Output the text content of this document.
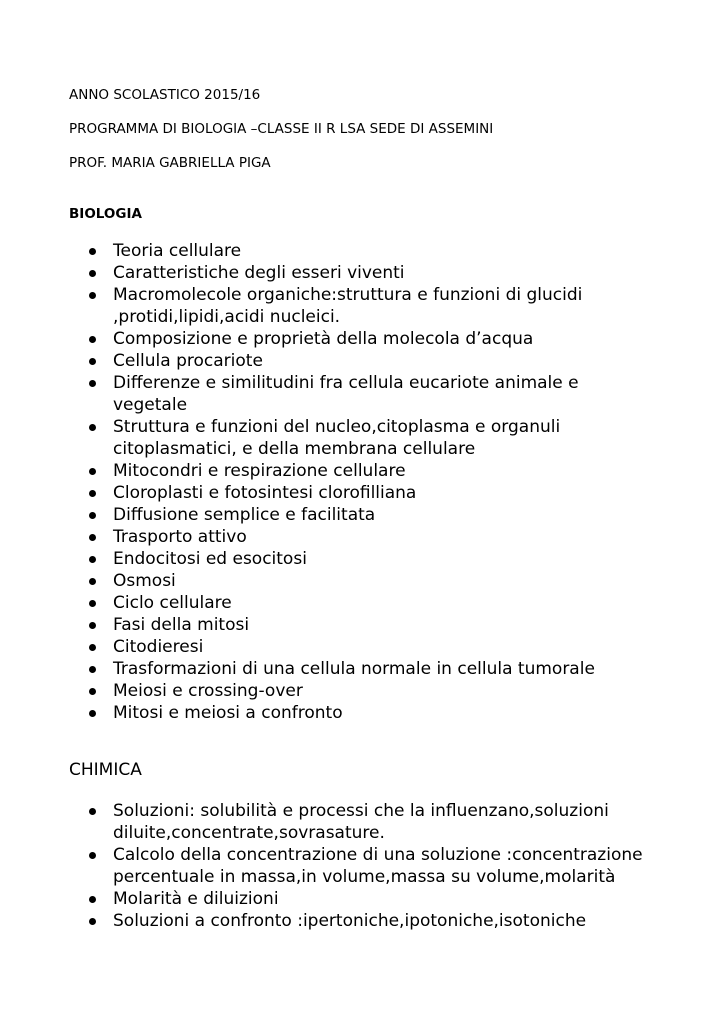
ANNO SCOLASTICO 2015/16
PROGRAMMA DI BIOLOGIA –CLASSE II R LSA SEDE DI ASSEMINI
PROF. MARIA GABRIELLA PIGA
BIOLOGIA
Teoria cellulare
Caratteristiche degli esseri viventi
Macromolecole organiche:struttura e funzioni di glucidi
,protidi,lipidi,acidi nucleici.
Composizione e proprietà della molecola d’acqua
Cellula procariote
Differenze e similitudini fra cellula eucariote animale e
vegetale
Struttura e funzioni del nucleo,citoplasma e organuli
citoplasmatici, e della membrana cellulare
Mitocondri e respirazione cellulare
Cloroplasti e fotosintesi clorofilliana
Diffusione semplice e facilitata
Trasporto attivo
Endocitosi ed esocitosi
Osmosi
Ciclo cellulare
Fasi della mitosi
Citodieresi
Trasformazioni di una cellula normale in cellula tumorale
Meiosi e crossing-over
Mitosi e meiosi a confronto
CHIMICA
Soluzioni: solubilità e processi che la influenzano,soluzioni
diluite,concentrate,sovrasature.
Calcolo della concentrazione di una soluzione :concentrazione
percentuale in massa,in volume,massa su volume,molarità
Molarità e diluizioni
Soluzioni a confronto :ipertoniche,ipotoniche,isotoniche
